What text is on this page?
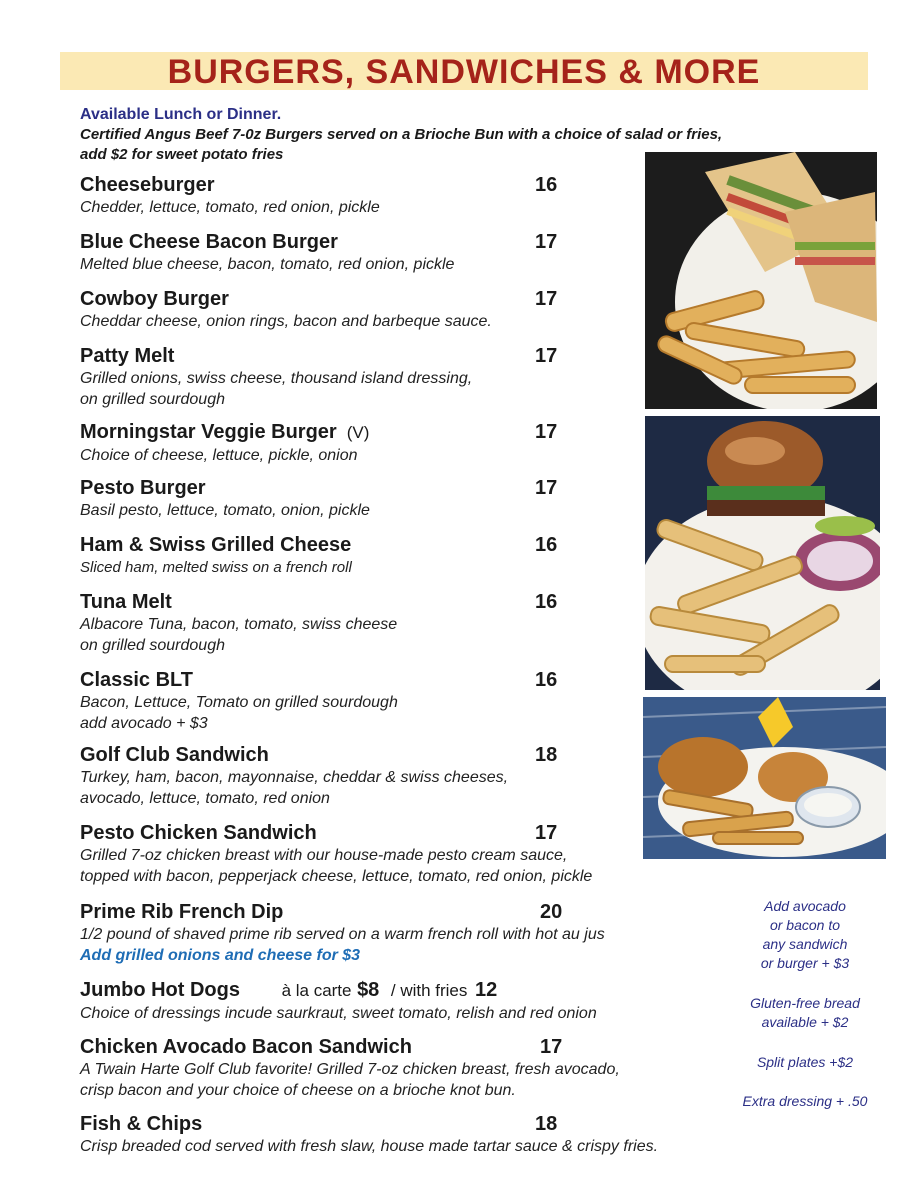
BURGERS, SANDWICHES & MORE
Available Lunch or Dinner.
Certified Angus Beef 7-0z Burgers served on a Brioche Bun with a choice of salad or fries,
add $2 for sweet potato fries
Cheeseburger	16
Chedder, lettuce, tomato, red onion, pickle
Blue Cheese Bacon Burger	17
Melted blue cheese, bacon, tomato, red onion, pickle
Cowboy Burger	17
Cheddar cheese, onion rings, bacon and barbeque sauce.
Patty Melt	17
Grilled onions, swiss cheese, thousand island dressing,
on grilled sourdough
Morningstar Veggie Burger (V)	17
Choice of cheese, lettuce, pickle, onion
Pesto Burger	17
Basil pesto, lettuce, tomato, onion, pickle
Ham & Swiss Grilled Cheese	16
Sliced ham, melted swiss on a french roll
Tuna Melt	16
Albacore Tuna, bacon, tomato, swiss cheese
on grilled sourdough
Classic BLT	16
Bacon, Lettuce, Tomato on grilled sourdough
add avocado + $3
Golf Club Sandwich	18
Turkey, ham, bacon, mayonnaise, cheddar & swiss cheeses,
avocado, lettuce, tomato, red onion
Pesto Chicken Sandwich	17
Grilled 7-oz chicken breast with our house-made pesto cream sauce,
topped with bacon, pepperjack cheese, lettuce, tomato, red onion, pickle
Prime Rib French Dip	20
1/2 pound of shaved prime rib served on a warm french roll with hot au jus
Add grilled onions and cheese for $3
Jumbo Hot Dogs à la carte $8 / with fries 12
Choice of dressings incude saurkraut, sweet tomato, relish and red onion
Chicken Avocado Bacon Sandwich	17
A Twain Harte Golf Club favorite! Grilled 7-oz chicken breast, fresh avocado,
crisp bacon and your choice of cheese on a brioche knot bun.
Fish & Chips	18
Crisp breaded cod served with fresh slaw, house made tartar sauce & crispy fries.
Add avocado
or bacon to
any sandwich
or burger + $3
Gluten-free bread
available + $2
Split plates +$2
Extra dressing + .50
